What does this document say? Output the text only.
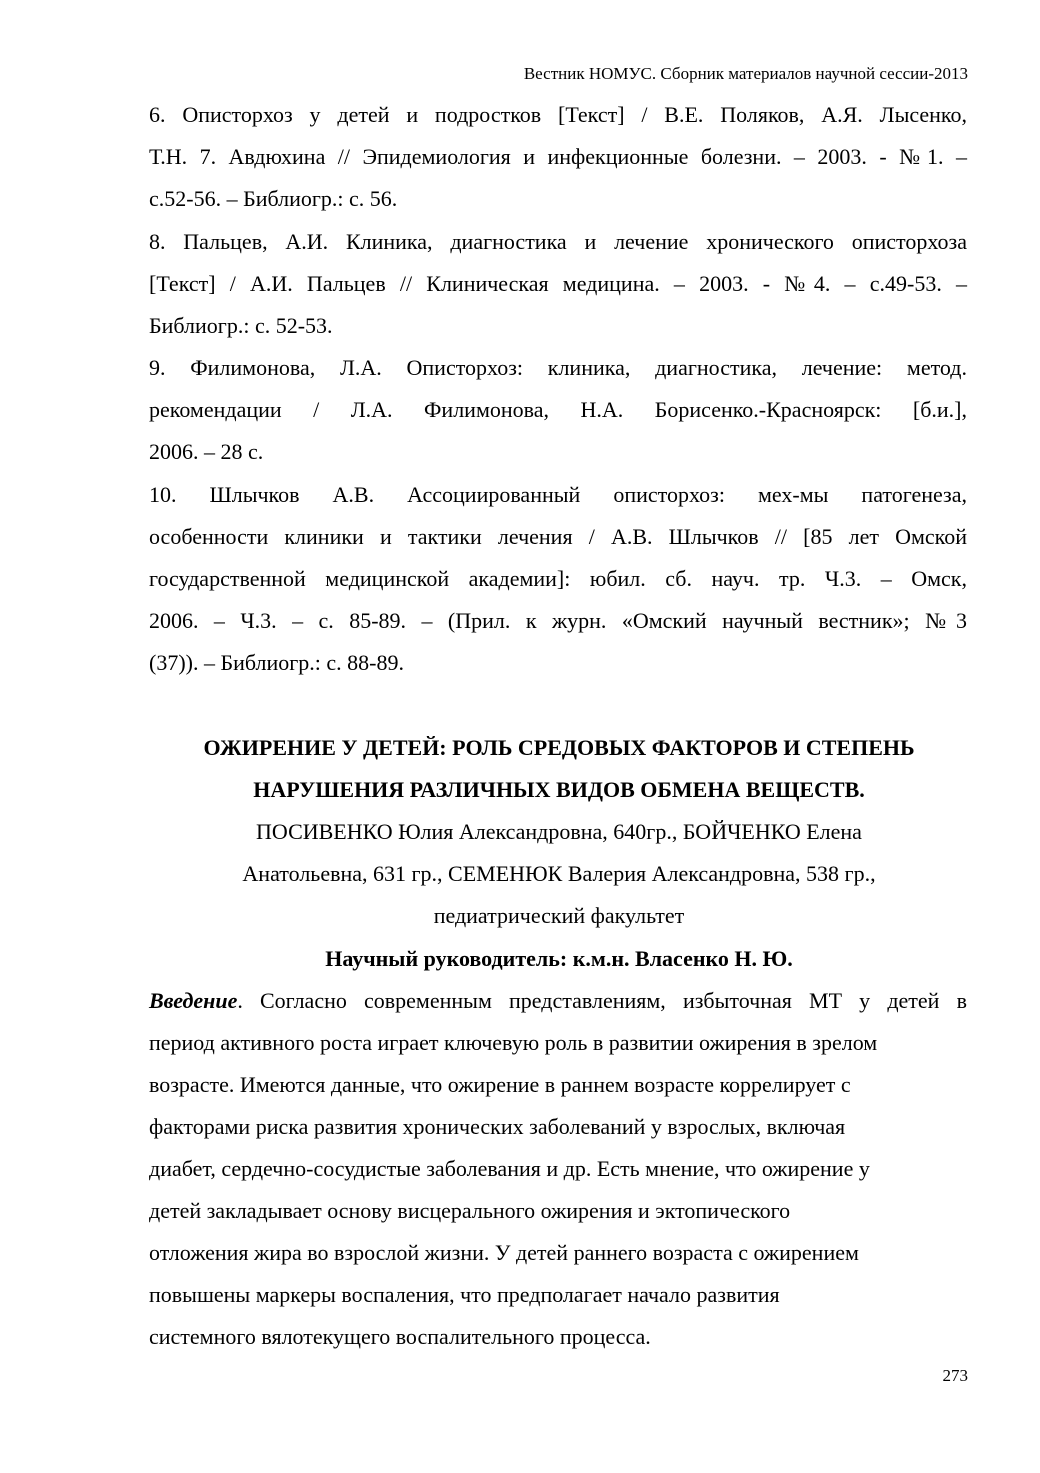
Вестник НОМУС. Сборник материалов научной сессии-2013
6. Описторхоз у детей и подростков [Текст] / В.Е. Поляков, А.Я. Лысенко,
Т.Н. 7. Авдюхина // Эпидемиология и инфекционные болезни. – 2003. - №1. –
с.52-56. – Библиогр.: с. 56.
8. Пальцев, А.И. Клиника, диагностика и лечение хронического описторхоза
[Текст] / А.И. Пальцев // Клиническая медицина. – 2003. - №4. – с.49-53. –
Библиогр.: с. 52-53.
9. Филимонова, Л.А. Описторхоз: клиника, диагностика, лечение: метод.
рекомендации / Л.А. Филимонова, Н.А. Борисенко.-Красноярск: [б.и.],
2006. – 28 с.
10. Шлычков А.В. Ассоциированный описторхоз: мех-мы патогенеза,
особенности клиники и тактики лечения / А.В. Шлычков // [85 лет Омской
государственной медицинской академии]: юбил. сб. науч. тр. Ч.3. – Омск,
2006. – Ч.3. – с. 85-89. – (Прил. к журн. «Омский научный вестник»; №3
(37)). – Библиогр.: с. 88-89.
ОЖИРЕНИЕ У ДЕТЕЙ: РОЛЬ СРЕДОВЫХ ФАКТОРОВ И СТЕПЕНЬ
НАРУШЕНИЯ РАЗЛИЧНЫХ ВИДОВ ОБМЕНА ВЕЩЕСТВ.
ПОСИВЕНКО Юлия Александровна, 640гр., БОЙЧЕНКО Елена
Анатольевна, 631 гр., СЕМЕНЮК Валерия Александровна, 538 гр.,
педиатрический факультет
Научный руководитель: к.м.н. Власенко Н. Ю.
Введение. Согласно современным представлениям, избыточная МТ у детей в
период активного роста играет ключевую роль в развитии ожирения в зрелом
возрасте. Имеются данные, что ожирение в раннем возрасте коррелирует с
факторами риска развития хронических заболеваний у взрослых, включая
диабет, сердечно-сосудистые заболевания и др. Есть мнение, что ожирение у
детей закладывает основу висцерального ожирения и эктопического
отложения жира во взрослой жизни. У детей раннего возраста с ожирением
повышены маркеры воспаления, что предполагает начало развития
системного вялотекущего воспалительного процесса.
273
